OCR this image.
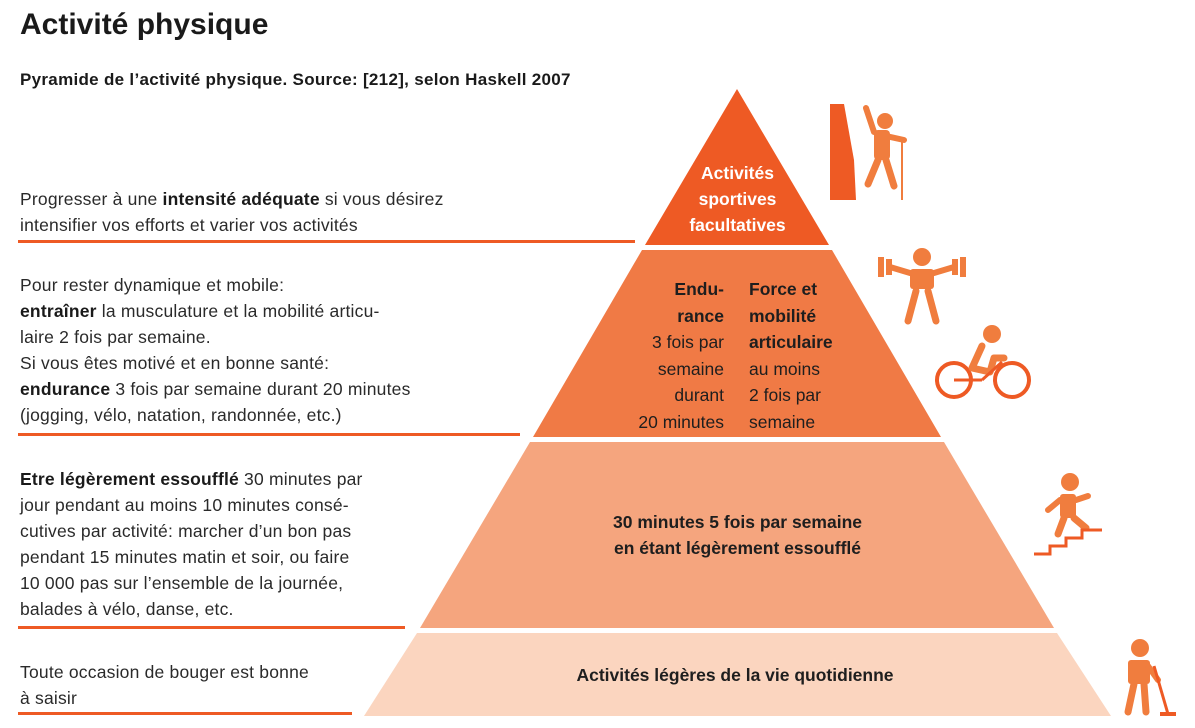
Activité physique
Pyramide de l’activité physique. Source: [212], selon Haskell 2007
Progresser à une intensité adéquate si vous désirez
intensifier vos efforts et varier vos activités
Pour rester dynamique et mobile:
entraîner la musculature et la mobilité articu-
laire 2 fois par semaine.
Si vous êtes motivé et en bonne santé:
endurance 3 fois par semaine durant 20 minutes
(jogging, vélo, natation, randonnée, etc.)
Etre légèrement essoufflé 30 minutes par
jour pendant au moins 10 minutes consé-
cutives par activité: marcher d’un bon pas
pendant 15 minutes matin et soir, ou faire
10 000 pas sur l’ensemble de la journée,
balades à vélo, danse, etc.
Toute occasion de bouger est bonne
à saisir
Activités
sportives
facultatives
Endu-
rance
3 fois par
semaine
durant
20 minutes
Force et
mobilité
articulaire
au moins
2 fois par
semaine
30 minutes 5 fois par semaine
en étant légèrement essoufflé
Activités légères de la vie quotidienne
